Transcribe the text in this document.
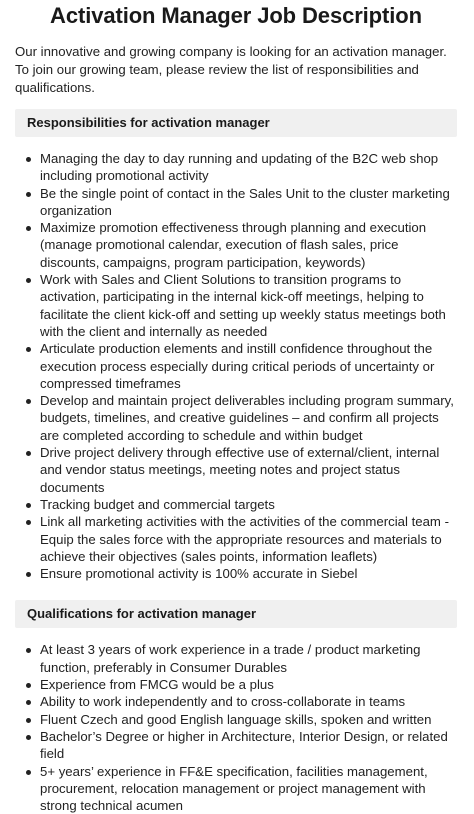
Activation Manager Job Description

Our innovative and growing company is looking for an activation manager. To join our growing team, please review the list of responsibilities and qualifications.

Responsibilities for activation manager
Managing the day to day running and updating of the B2C web shop including promotional activity
Be the single point of contact in the Sales Unit to the cluster marketing organization
Maximize promotion effectiveness through planning and execution (manage promotional calendar, execution of flash sales, price discounts, campaigns, program participation, keywords)
Work with Sales and Client Solutions to transition programs to activation, participating in the internal kick-off meetings, helping to facilitate the client kick-off and setting up weekly status meetings both with the client and internally as needed
Articulate production elements and instill confidence throughout the execution process especially during critical periods of uncertainty or compressed timeframes
Develop and maintain project deliverables including program summary, budgets, timelines, and creative guidelines – and confirm all projects are completed according to schedule and within budget
Drive project delivery through effective use of external/client, internal and vendor status meetings, meeting notes and project status documents
Tracking budget and commercial targets
Link all marketing activities with the activities of the commercial team - Equip the sales force with the appropriate resources and materials to achieve their objectives (sales points, information leaflets)
Ensure promotional activity is 100% accurate in Siebel
Qualifications for activation manager
At least 3 years of work experience in a trade / product marketing function, preferably in Consumer Durables
Experience from FMCG would be a plus
Ability to work independently and to cross-collaborate in teams
Fluent Czech and good English language skills, spoken and written
Bachelor’s Degree or higher in Architecture, Interior Design, or related field
5+ years’ experience in FF&E specification, facilities management, procurement, relocation management or project management with strong technical acumen
